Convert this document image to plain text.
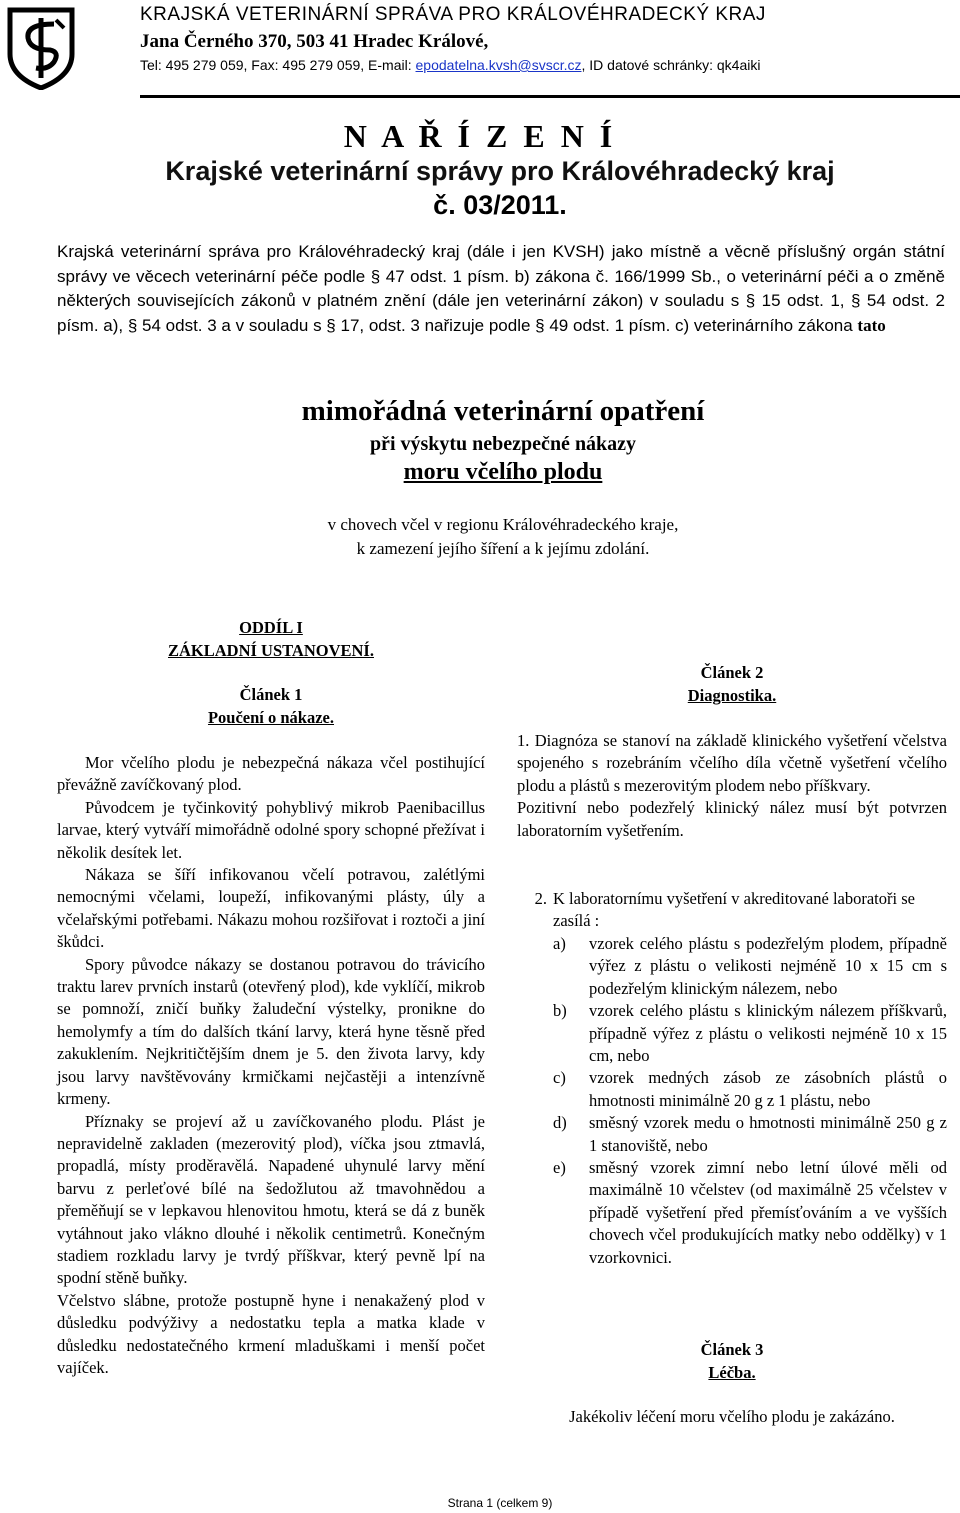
KRAJSKÁ VETERINÁRNÍ SPRÁVA PRO KRÁLOVÉHRADECKÝ KRAJ
Jana Černého 370, 503 41 Hradec Králové,
Tel: 495 279 059, Fax: 495 279 059, E-mail: epodatelna.kvsh@svscr.cz, ID datové schránky: qk4aiki
N A Ř Í Z E N Í
Krajské veterinární správy pro Královéhradecký kraj
č. 03/2011.
Krajská veterinární správa pro Královéhradecký kraj (dále i jen KVSH) jako místně a věcně příslušný orgán státní správy ve věcech veterinární péče podle § 47 odst. 1 písm. b) zákona č. 166/1999 Sb., o veterinární péči a o změně některých souvisejících zákonů v platném znění (dále jen veterinární zákon) v souladu s § 15 odst. 1, § 54 odst. 2 písm. a), § 54 odst. 3 a v souladu s § 17, odst. 3 nařizuje podle § 49 odst. 1 písm. c) veterinárního zákona tato
mimořádná veterinární opatření
při výskytu nebezpečné nákazy
moru včelího plodu
v chovech včel v regionu Královéhradeckého kraje,
k zamezení jejího šíření a k jejímu zdolání.
ODDÍL I
ZÁKLADNÍ USTANOVENÍ.
Článek 1
Poučení o nákaze.

Mor včelího plodu je nebezpečná nákaza včel postihující převážně zavíčkovaný plod.

Původcem je tyčinkovitý pohyblivý mikrob Paenibacillus larvae, který vytváří mimořádně odolné spory schopné přežívat i několik desítek let.

Nákaza se šíří infikovanou včelí potravou, zalétlými nemocnými včelami, loupeží, infikovanými plásty, úly a včelařskými potřebami. Nákazu mohou rozšiřovat i roztoči a jiní škůdci.

Spory původce nákazy se dostanou potravou do trávicího traktu larev prvních instarů (otevřený plod), kde vyklíčí, mikrob se pomnoží, zničí buňky žaludeční výstelky, pronikne do hemolymfy a tím do dalších tkání larvy, která hyne těsně před zakuklením. Nejkritičtějším dnem je 5. den života larvy, kdy jsou larvy navštěvovány krmičkami nejčastěji a intenzívně krmeny.

Příznaky se projeví až u zavíčkovaného plodu. Plást je nepravidelně zakladen (mezerovitý plod), víčka jsou ztmavlá, propadlá, místy proděravělá. Napadené uhynulé larvy mění barvu z perleťové bílé na šedožlutou až tmavohnědou a přeměňují se v lepkavou hlenovitou hmotu, která se dá z buněk vytáhnout jako vlákno dlouhé i několik centimetrů. Konečným stadiem rozkladu larvy je tvrdý příškvar, který pevně lpí na spodní stěně buňky.

Včelstvo slábne, protože postupně hyne i nenakažený plod v důsledku podvýživy a nedostatku tepla a matka klade v důsledku nedostatečného krmení mladuškami i menší počet vajíček.

Článek 2
Diagnostika.

1. Diagnóza se stanoví na základě klinického vyšetření včelstva spojeného s rozebráním včelího díla včetně vyšetření včelího plodu a plástů s mezerovitým plodem nebo příškvary.

Pozitivní nebo podezřelý klinický nález musí být potvrzen laboratorním vyšetřením.

2. K laboratornímu vyšetření v akreditované laboratoři se zasílá :
a)	vzorek celého plástu s podezřelým plodem, případně výřez z plástu o velikosti nejméně 10 x 15 cm s podezřelým klinickým nálezem, nebo
b)	vzorek celého plástu s klinickým nálezem příškvarů, případně výřez z plástu o velikosti nejméně 10 x 15 cm, nebo
c)	vzorek medných zásob ze zásobních plástů o hmotnosti minimálně 20 g z 1 plástu, nebo
d)	směsný vzorek medu o hmotnosti minimálně 250 g z 1 stanoviště, nebo
e)	směsný vzorek zimní nebo letní úlové měli od maximálně 10 včelstev (od maximálně 25 včelstev v případě vyšetření před přemísťováním a ve vyšších chovech včel produkujících matky nebo oddělky) v 1 vzorkovnici.
Článek 3
Léčba.
Jakékoliv léčení moru včelího plodu je zakázáno.
Strana 1 (celkem 9)
